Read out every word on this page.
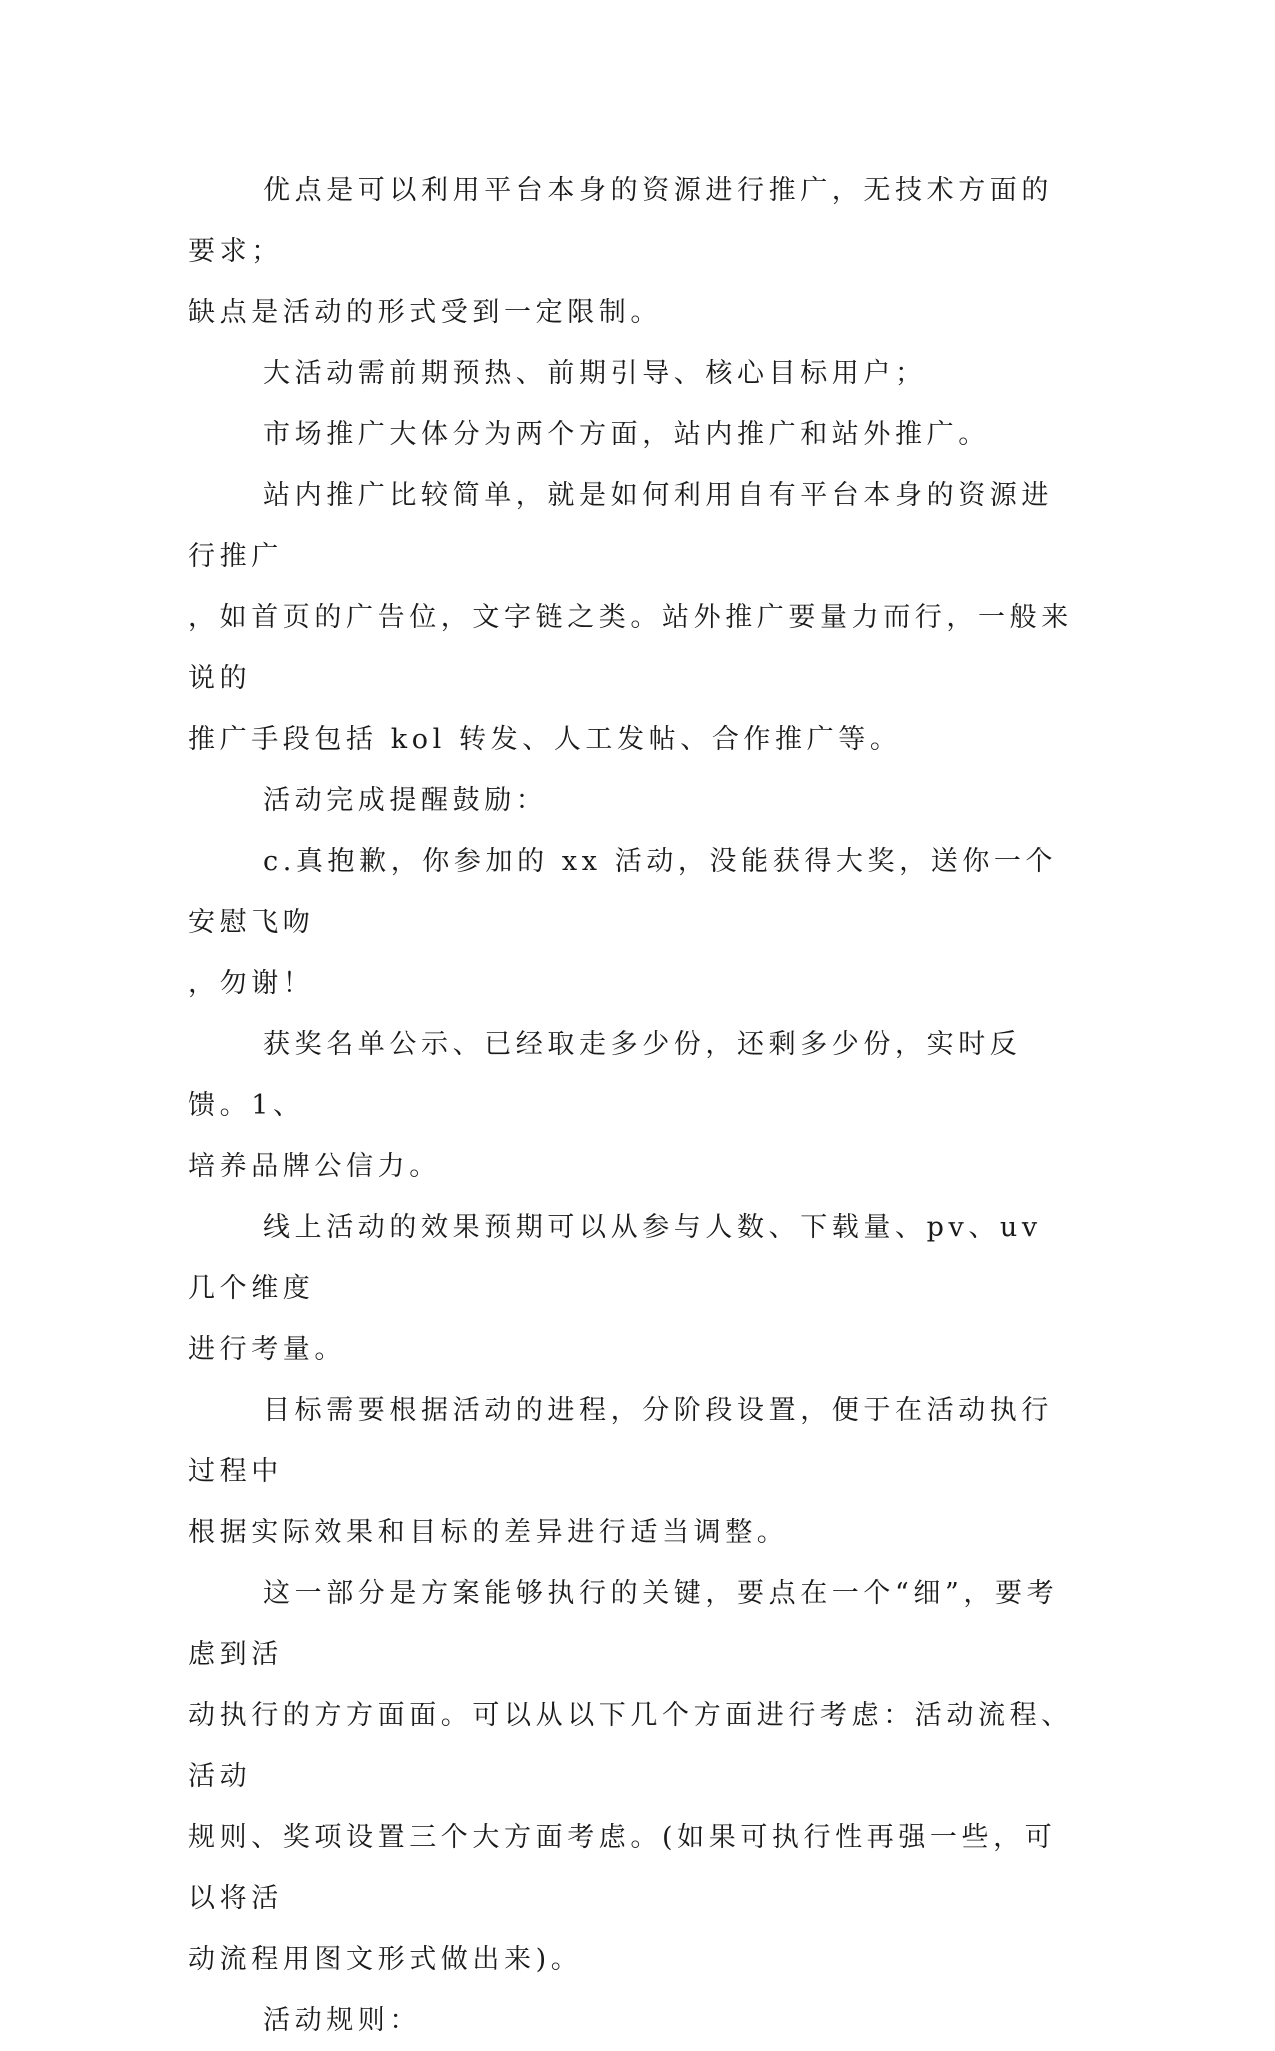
优点是可以利用平台本身的资源进行推广，无技术方面的要求；
缺点是活动的形式受到一定限制。

大活动需前期预热、前期引导、核心目标用户；

市场推广大体分为两个方面，站内推广和站外推广。

站内推广比较简单，就是如何利用自有平台本身的资源进行推广
，如首页的广告位，文字链之类。站外推广要量力而行，一般来说的
推广手段包括 kol 转发、人工发帖、合作推广等。

活动完成提醒鼓励：

c.真抱歉，你参加的 xx 活动，没能获得大奖，送你一个安慰飞吻
，勿谢！

获奖名单公示、已经取走多少份，还剩多少份，实时反馈。1、
培养品牌公信力。

线上活动的效果预期可以从参与人数、下载量、pv、uv 几个维度
进行考量。

目标需要根据活动的进程，分阶段设置，便于在活动执行过程中
根据实际效果和目标的差异进行适当调整。

这一部分是方案能够执行的关键，要点在一个“细”，要考虑到活
动执行的方方面面。可以从以下几个方面进行考虑：活动流程、活动
规则、奖项设置三个大方面考虑。(如果可执行性再强一些，可以将活
动流程用图文形式做出来)。

活动规则：
